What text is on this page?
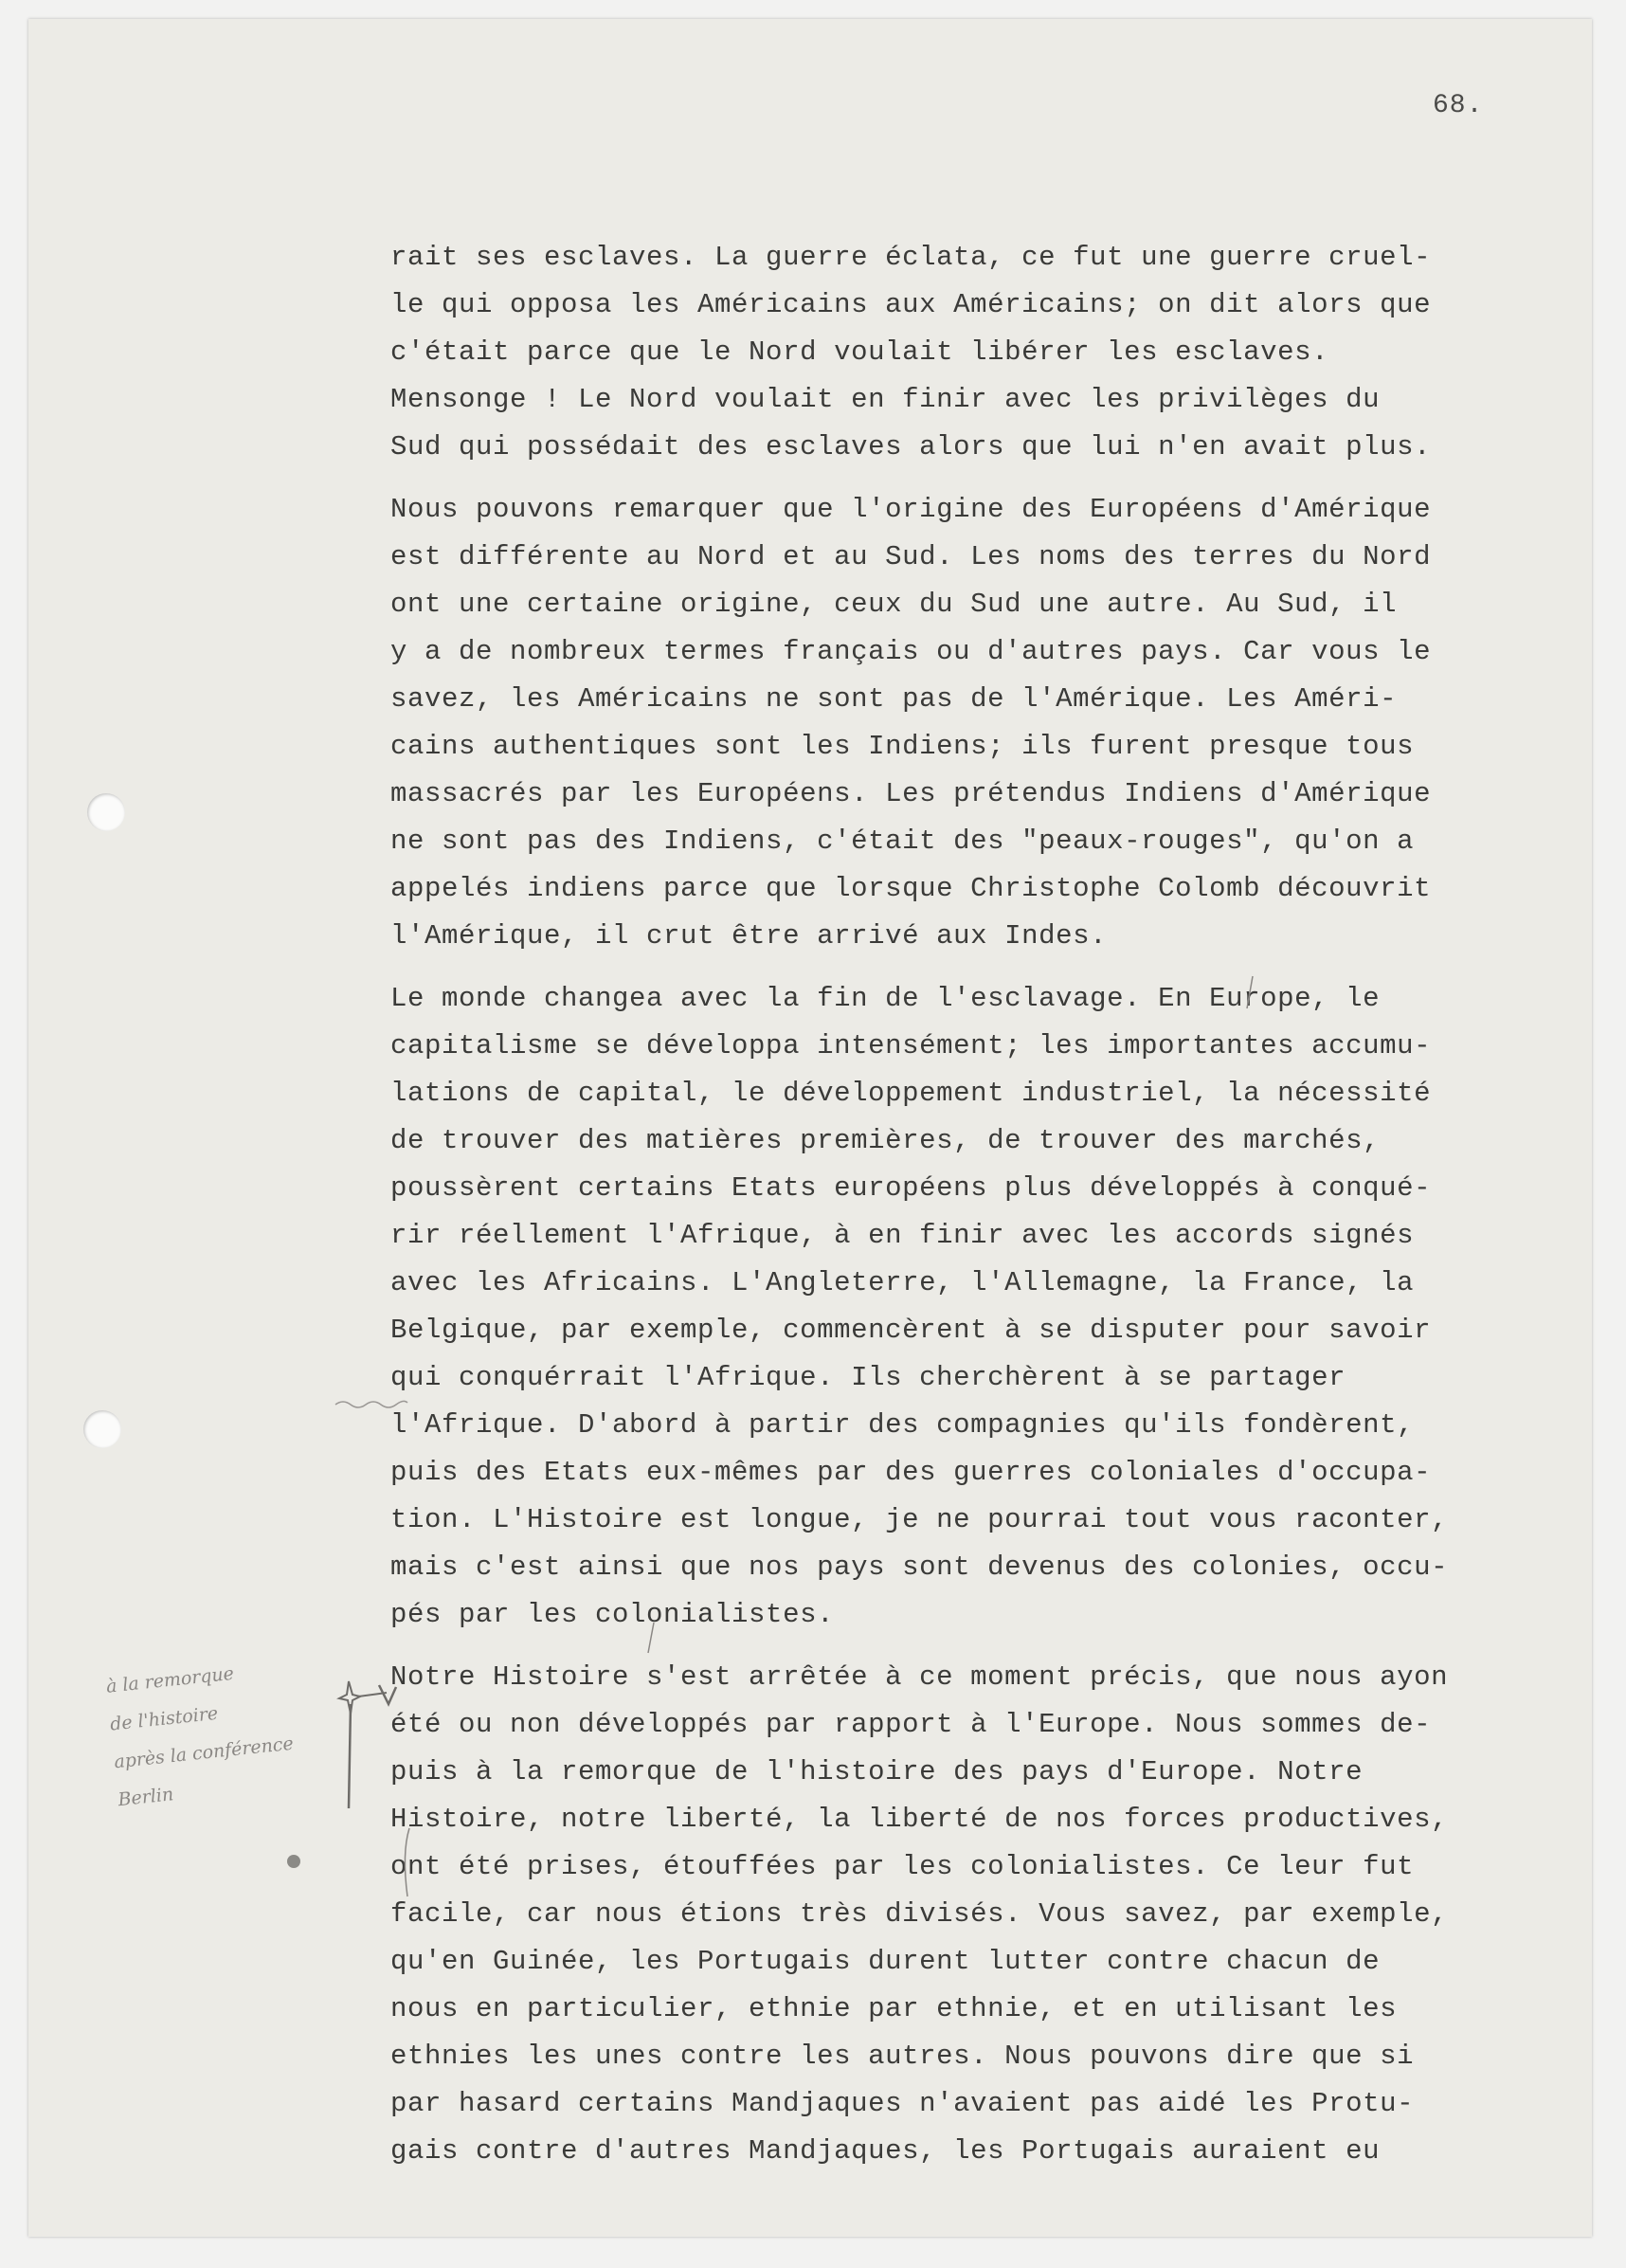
68.
rait ses esclaves. La guerre éclata, ce fut une guerre cruel-
le qui opposa les Américains aux Américains; on dit alors que
c'était parce que le Nord voulait libérer les esclaves.
Mensonge ! Le Nord voulait en finir avec les privilèges du
Sud qui possédait des esclaves alors que lui n'en avait plus.
Nous pouvons remarquer que l'origine des Européens d'Amérique
est différente au Nord et au Sud. Les noms des terres du Nord
ont une certaine origine, ceux du Sud une autre. Au Sud, il
y a de nombreux termes français ou d'autres pays. Car vous le
savez, les Américains ne sont pas de l'Amérique. Les Améri-
cains authentiques sont les Indiens; ils furent presque tous
massacrés par les Européens. Les prétendus Indiens d'Amérique
ne sont pas des Indiens, c'était des "peaux-rouges", qu'on a
appelés indiens parce que lorsque Christophe Colomb découvrit
l'Amérique, il crut être arrivé aux Indes.
Le monde changea avec la fin de l'esclavage. En Europe, le
capitalisme se développa intensément; les importantes accumu-
lations de capital, le développement industriel, la nécessité
de trouver des matières premières, de trouver des marchés,
poussèrent certains Etats européens plus développés à conqué-
rir réellement l'Afrique, à en finir avec les accords signés
avec les Africains. L'Angleterre, l'Allemagne, la France, la
Belgique, par exemple, commencèrent à se disputer pour savoir
qui conquérrait l'Afrique. Ils cherchèrent à se partager
l'Afrique. D'abord à partir des compagnies qu'ils fondèrent,
puis des Etats eux-mêmes par des guerres coloniales d'occupa-
tion. L'Histoire est longue, je ne pourrai tout vous raconter,
mais c'est ainsi que nos pays sont devenus des colonies, occu-
pés par les colonialistes.
Notre Histoire s'est arrêtée à ce moment précis, que nous ayon
été ou non développés par rapport à l'Europe. Nous sommes de-
puis à la remorque de l'histoire des pays d'Europe. Notre
Histoire, notre liberté, la liberté de nos forces productives,
ont été prises, étouffées par les colonialistes. Ce leur fut
facile, car nous étions très divisés. Vous savez, par exemple,
qu'en Guinée, les Portugais durent lutter contre chacun de
nous en particulier, ethnie par ethnie, et en utilisant les
ethnies les unes contre les autres. Nous pouvons dire que si
par hasard certains Mandjaques n'avaient pas aidé les Protu-
gais contre d'autres Mandjaques, les Portugais auraient eu
à la remorque
de l'histoire
après la conférence
Berlin
